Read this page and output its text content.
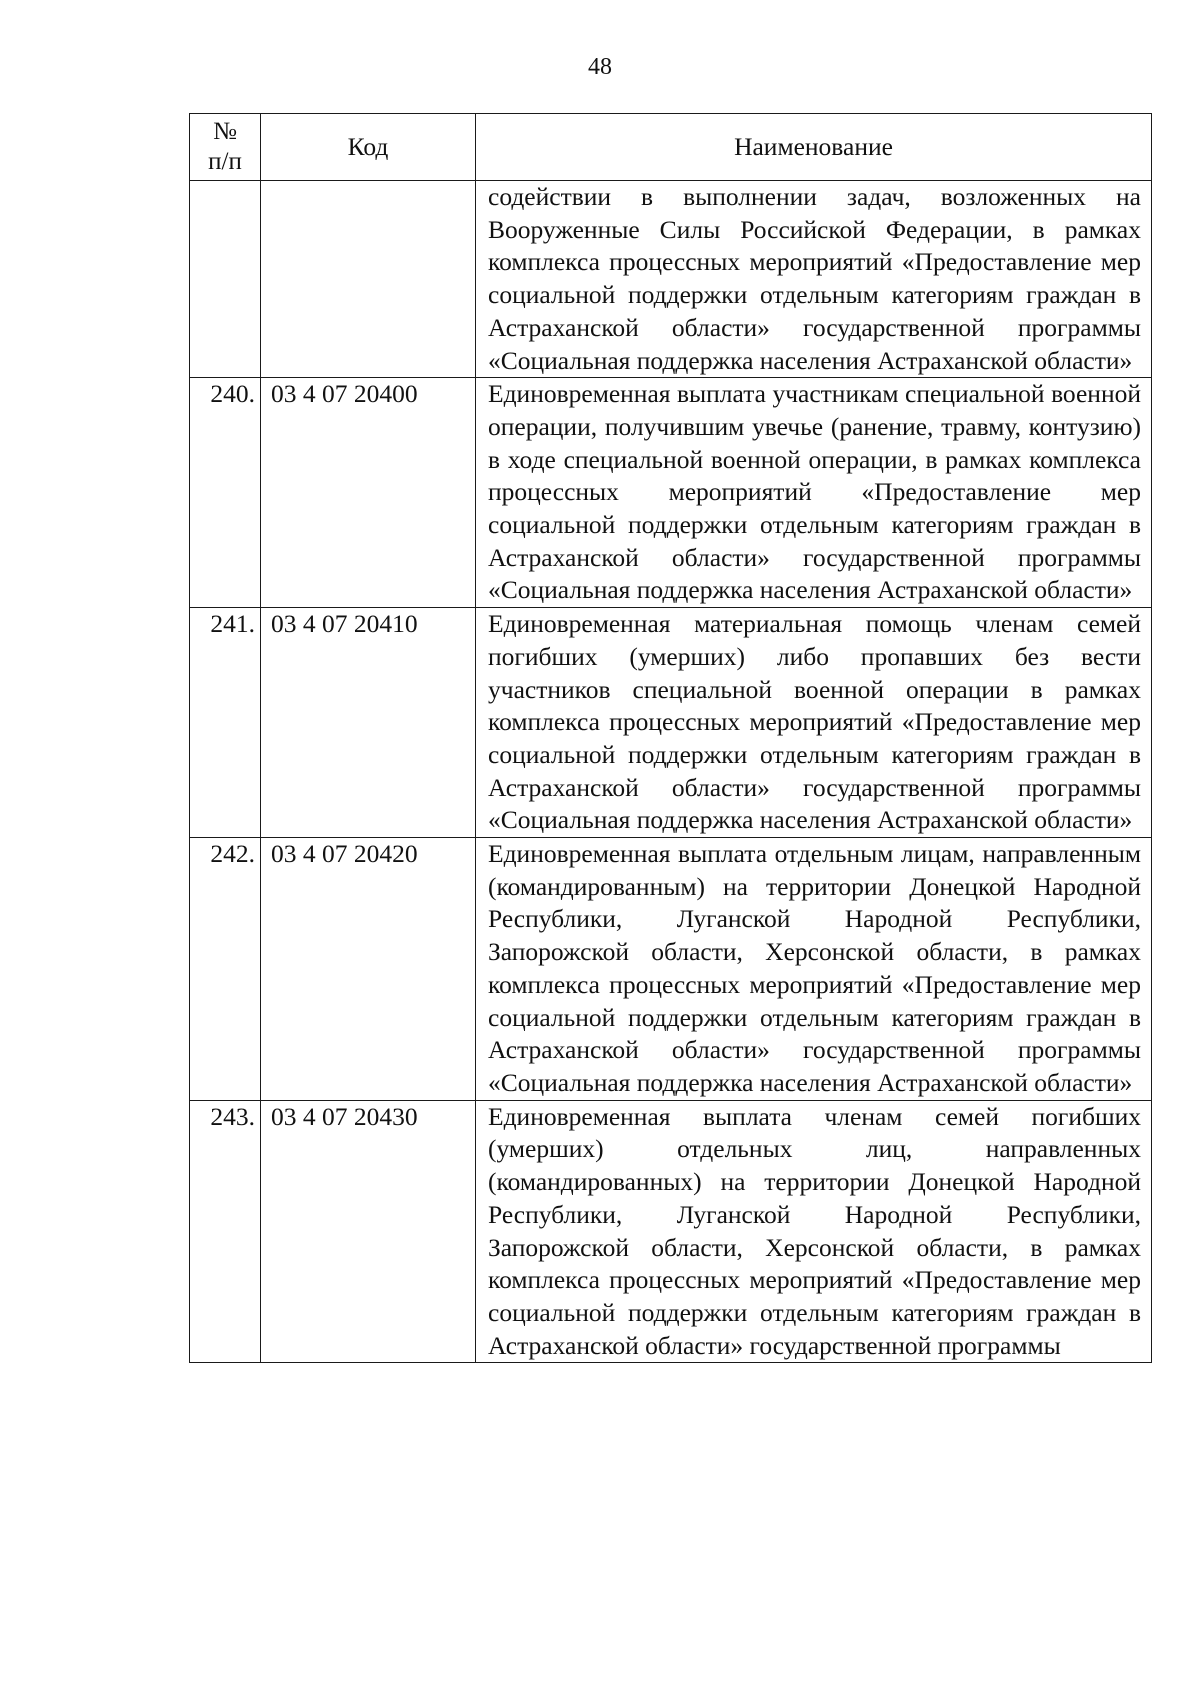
48
№
п/п	Код	Наименование
		содействии в выполнении задач, возложенных на Вооруженные Силы Российской Федерации, в рамках комплекса процессных мероприятий «Предоставление мер социальной поддержки отдельным категориям граждан в Астраханской области» государственной программы «Социальная поддержка населения Астраханской области»
240.	03 4 07 20400	Единовременная выплата участникам специальной военной операции, получившим увечье (ранение, травму, контузию) в ходе специальной военной операции, в рамках комплекса процессных мероприятий «Предоставление мер социальной поддержки отдельным категориям граждан в Астраханской области» государственной программы «Социальная поддержка населения Астраханской области»
241.	03 4 07 20410	Единовременная материальная помощь членам семей погибших (умерших) либо пропавших без вести участников специальной военной операции в рамках комплекса процессных мероприятий «Предоставление мер социальной поддержки отдельным категориям граждан в Астраханской области» государственной программы «Социальная поддержка населения Астраханской области»
242.	03 4 07 20420	Единовременная выплата отдельным лицам, направленным (командированным) на территории Донецкой Народной Республики, Луганской Народной Республики, Запорожской области, Херсонской области, в рамках комплекса процессных мероприятий «Предоставление мер социальной поддержки отдельным категориям граждан в Астраханской области» государственной программы «Социальная поддержка населения Астраханской области»
243.	03 4 07 20430	Единовременная выплата членам семей погибших (умерших) отдельных лиц, направленных (командированных) на территории Донецкой Народной Республики, Луганской Народной Республики, Запорожской области, Херсонской области, в рамках комплекса процессных мероприятий «Предоставление мер социальной поддержки отдельным категориям граждан в Астраханской области» государственной программы
